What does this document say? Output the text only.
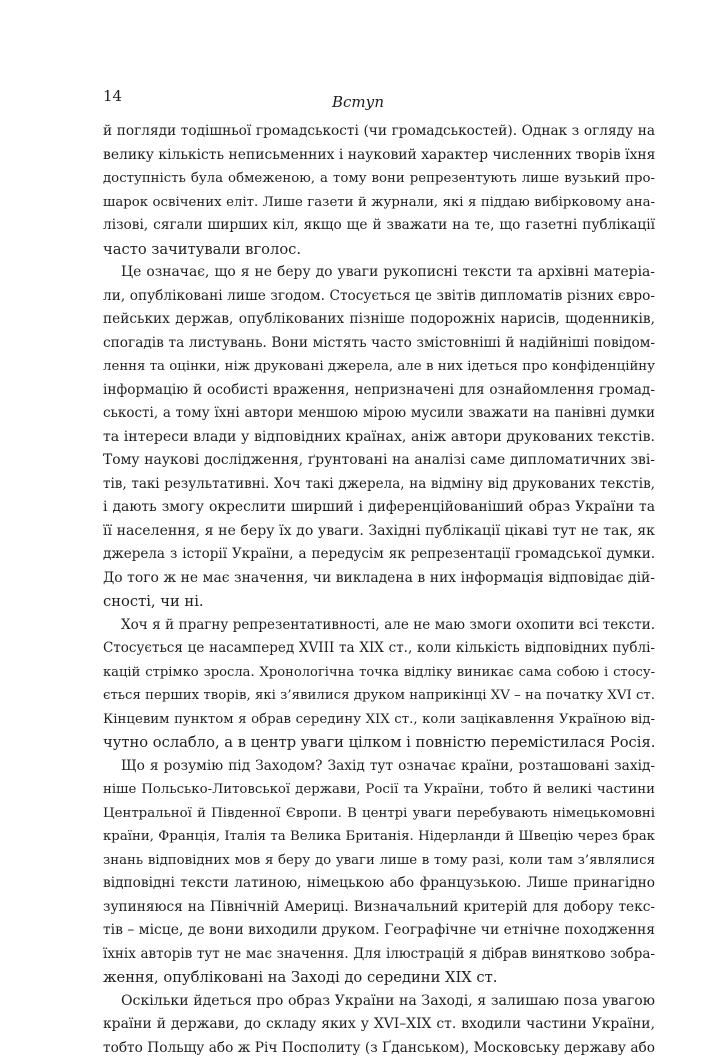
14	Вступ
й погляди тодішньої громадськості (чи громадськостей). Однак з огляду на
велику кількість неписьменних і науковий характер численних творів їхня
доступність була обмеженою, а тому вони репрезентують лише вузький про-
шарок освічених еліт. Лише газети й журнали, які я піддаю вибірковому ана-
лізові, сягали ширших кіл, якщо ще й зважати на те, що газетні публікації
часто зачитували вголос.
Це означає, що я не беру до уваги рукописні тексти та архівні матеріа-
ли, опубліковані лише згодом. Стосується це звітів дипломатів різних євро-
пейських держав, опублікованих пізніше подорожніх нарисів, щоденників,
спогадів та листувань. Вони містять часто змістовніші й надійніші повідом-
лення та оцінки, ніж друковані джерела, але в них ідеться про конфіденційну
інформацію й особисті враження, непризначені для ознайомлення громад-
ськості, а тому їхні автори меншою мірою мусили зважати на панівні думки
та інтереси влади у відповідних країнах, аніж автори друкованих текстів.
Тому наукові дослідження, ґрунтовані на аналізі саме дипломатичних звi-
тів, такі результативні. Хоч такі джерела, на відміну від друкованих текстів,
і дають змогу окреслити ширший і диференційованіший образ України та
її населення, я не беру їх до уваги. Західні публікації цікаві тут не так, як
джерела з історії України, а передусім як репрезентації громадської думки.
До того ж не має значення, чи викладена в них інформація відповідає дій-
сності, чи ні.
Хоч я й прагну репрезентативності, але не маю змоги охопити всі тексти.
Стосується це насамперед XVIII та XIX ст., коли кількість відповідних публі-
кацій стрімко зросла. Хронологічна точка відліку виникає сама собою і стосу-
ється перших творів, які з’явилися друком наприкінці XV – на початку XVI ст.
Кінцевим пунктом я обрав середину XIX ст., коли зацікавлення Україною від-
чутно ослабло, а в центр уваги цілком і повністю перемістилася Росія.
Що я розумію під Заходом? Захід тут означає країни, розташовані захід-
ніше Польсько-Литовської держави, Росії та України, тобто й великі частини
Центральної й Південної Європи. В центрі уваги перебувають німецькомовні
країни, Франція, Італія та Велика Британія. Нідерланди й Швецію через брак
знань відповідних мов я беру до уваги лише в тому разі, коли там з’являлися
відповідні тексти латиною, німецькою або французькою. Лише принагідно
зупиняюся на Північній Америці. Визначальний критерій для добору текс-
тів – місце, де вони виходили друком. Географічне чи етнічне походження
їхніх авторів тут не має значення. Для ілюстрацій я дібрав винятково зобра-
ження, опубліковані на Заході до середини XIX ст.
Оскільки йдеться про образ України на Заході, я залишаю поза увагою
країни й держави, до складу яких у XVI–XIX ст. входили частини України,
тобто Польщу або ж Річ Посполиту (з Ґданськом), Московську державу або
